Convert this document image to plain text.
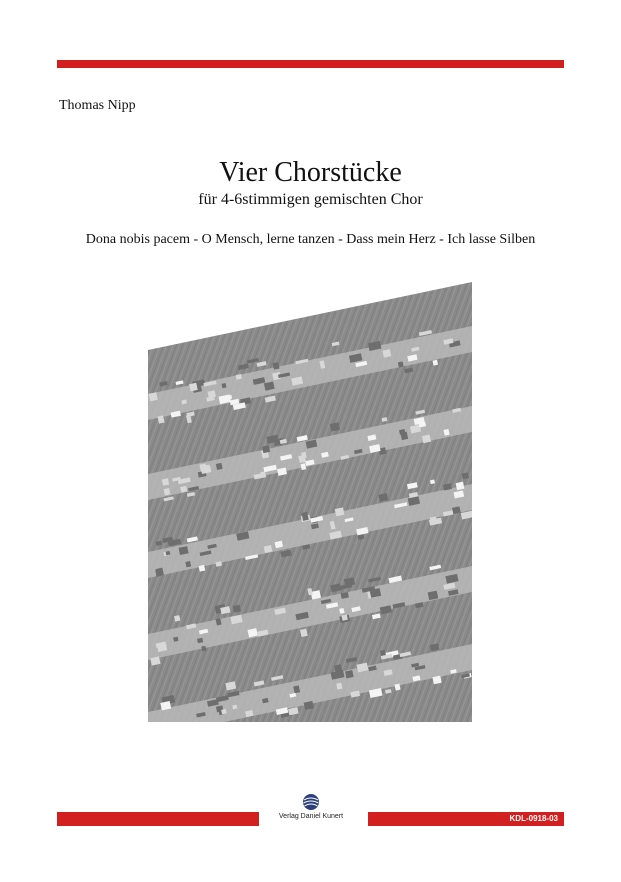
Thomas Nipp
Vier Chorstücke
für 4-6stimmigen gemischten Chor
Dona nobis pacem - O Mensch, lerne tanzen - Dass mein Herz - Ich lasse Silben
Verlag Daniel Kunert	KDL-0918-03
